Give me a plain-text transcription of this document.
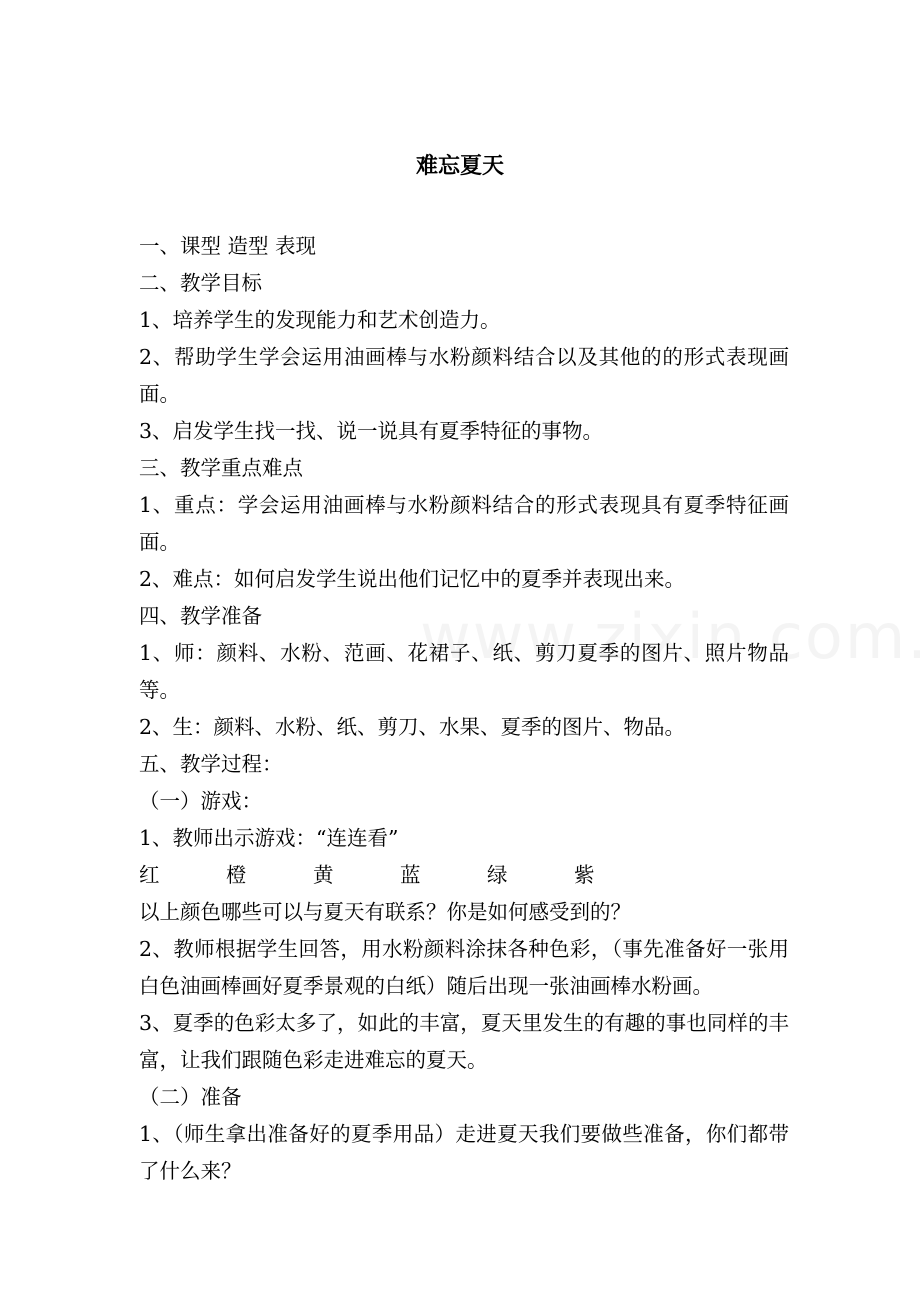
难忘夏天
一、课型 造型 表现
二、教学目标
1、培养学生的发现能力和艺术创造力。
2、帮助学生学会运用油画棒与水粉颜料结合以及其他的的形式表现画面。
3、启发学生找一找、说一说具有夏季特征的事物。
三、教学重点难点
1、重点：学会运用油画棒与水粉颜料结合的形式表现具有夏季特征画面。
2、难点：如何启发学生说出他们记忆中的夏季并表现出来。
四、教学准备
1、师：颜料、水粉、范画、花裙子、纸、剪刀夏季的图片、照片物品等。
2、生：颜料、水粉、纸、剪刀、水果、夏季的图片、物品。
五、教学过程：
（一）游戏：
1、教师出示游戏：“连连看”
红	橙	黄	蓝	绿	紫
以上颜色哪些可以与夏天有联系？你是如何感受到的？
2、教师根据学生回答，用水粉颜料涂抹各种色彩，（事先准备好一张用白色油画棒画好夏季景观的白纸）随后出现一张油画棒水粉画。
3、夏季的色彩太多了，如此的丰富，夏天里发生的有趣的事也同样的丰富，让我们跟随色彩走进难忘的夏天。
（二）准备
1、（师生拿出准备好的夏季用品）走进夏天我们要做些准备，你们都带了什么来？
